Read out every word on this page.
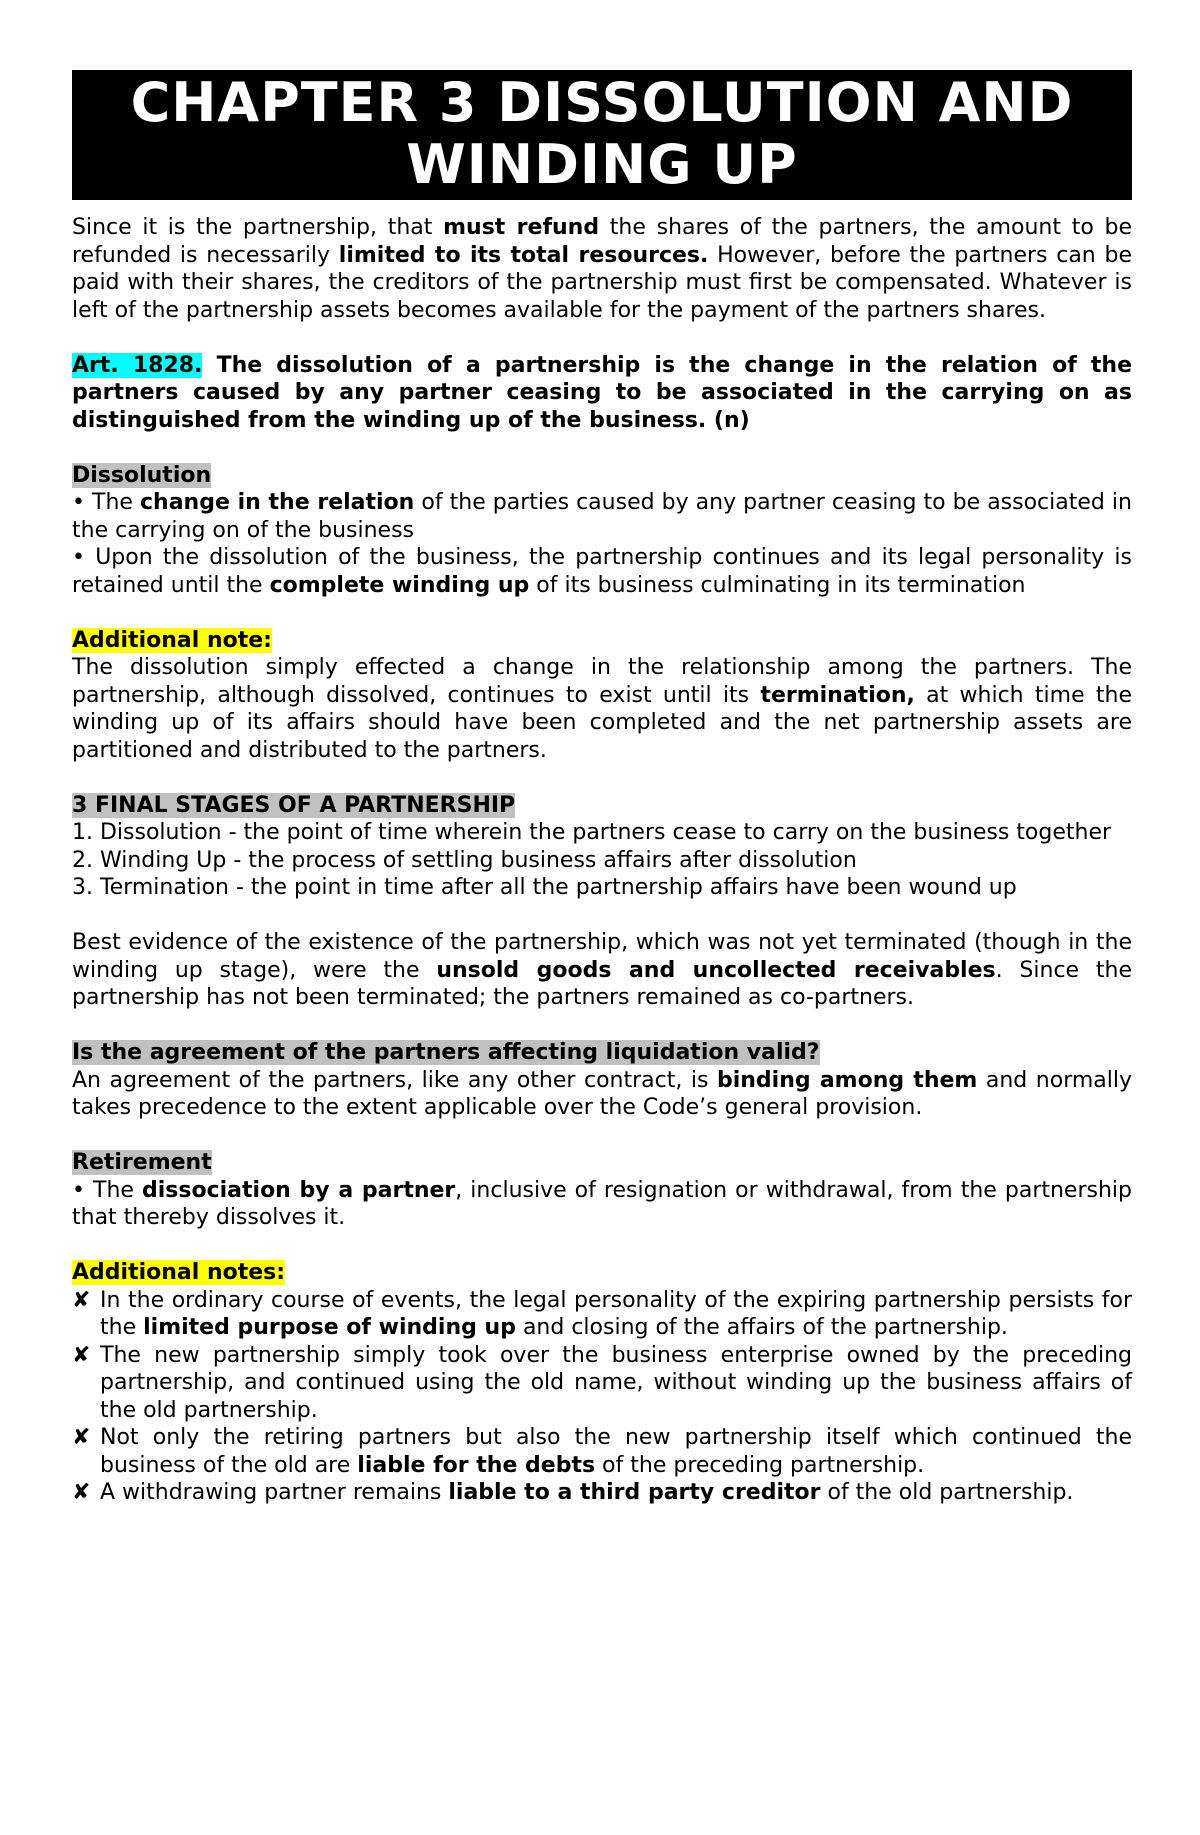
CHAPTER 3 DISSOLUTION AND
WINDING UP

Since it is the partnership, that must refund the shares of the partners, the amount to be refunded is necessarily limited to its total resources. However, before the partners can be paid with their shares, the creditors of the partnership must first be compensated. Whatever is left of the partnership assets becomes available for the payment of the partners shares.

Art. 1828. The dissolution of a partnership is the change in the relation of the partners caused by any partner ceasing to be associated in the carrying on as distinguished from the winding up of the business. (n)

Dissolution

• The change in the relation of the parties caused by any partner ceasing to be associated in the carrying on of the business

• Upon the dissolution of the business, the partnership continues and its legal personality is retained until the complete winding up of its business culminating in its termination

Additional note:

The dissolution simply effected a change in the relationship among the partners. The partnership, although dissolved, continues to exist until its termination, at which time the winding up of its affairs should have been completed and the net partnership assets are partitioned and distributed to the partners.

3 FINAL STAGES OF A PARTNERSHIP

1. Dissolution - the point of time wherein the partners cease to carry on the business together

2. Winding Up - the process of settling business affairs after dissolution

3. Termination - the point in time after all the partnership affairs have been wound up

Best evidence of the existence of the partnership, which was not yet terminated (though in the winding up stage), were the unsold goods and uncollected receivables. Since the partnership has not been terminated; the partners remained as co-partners.

Is the agreement of the partners affecting liquidation valid?

An agreement of the partners, like any other contract, is binding among them and normally takes precedence to the extent applicable over the Code’s general provision.

Retirement

• The dissociation by a partner, inclusive of resignation or withdrawal, from the partnership that thereby dissolves it.

Additional notes:

✘ In the ordinary course of events, the legal personality of the expiring partnership persists for the limited purpose of winding up and closing of the affairs of the partnership.
✘ The new partnership simply took over the business enterprise owned by the preceding partnership, and continued using the old name, without winding up the business affairs of the old partnership.
✘ Not only the retiring partners but also the new partnership itself which continued the business of the old are liable for the debts of the preceding partnership.
✘ A withdrawing partner remains liable to a third party creditor of the old partnership.
